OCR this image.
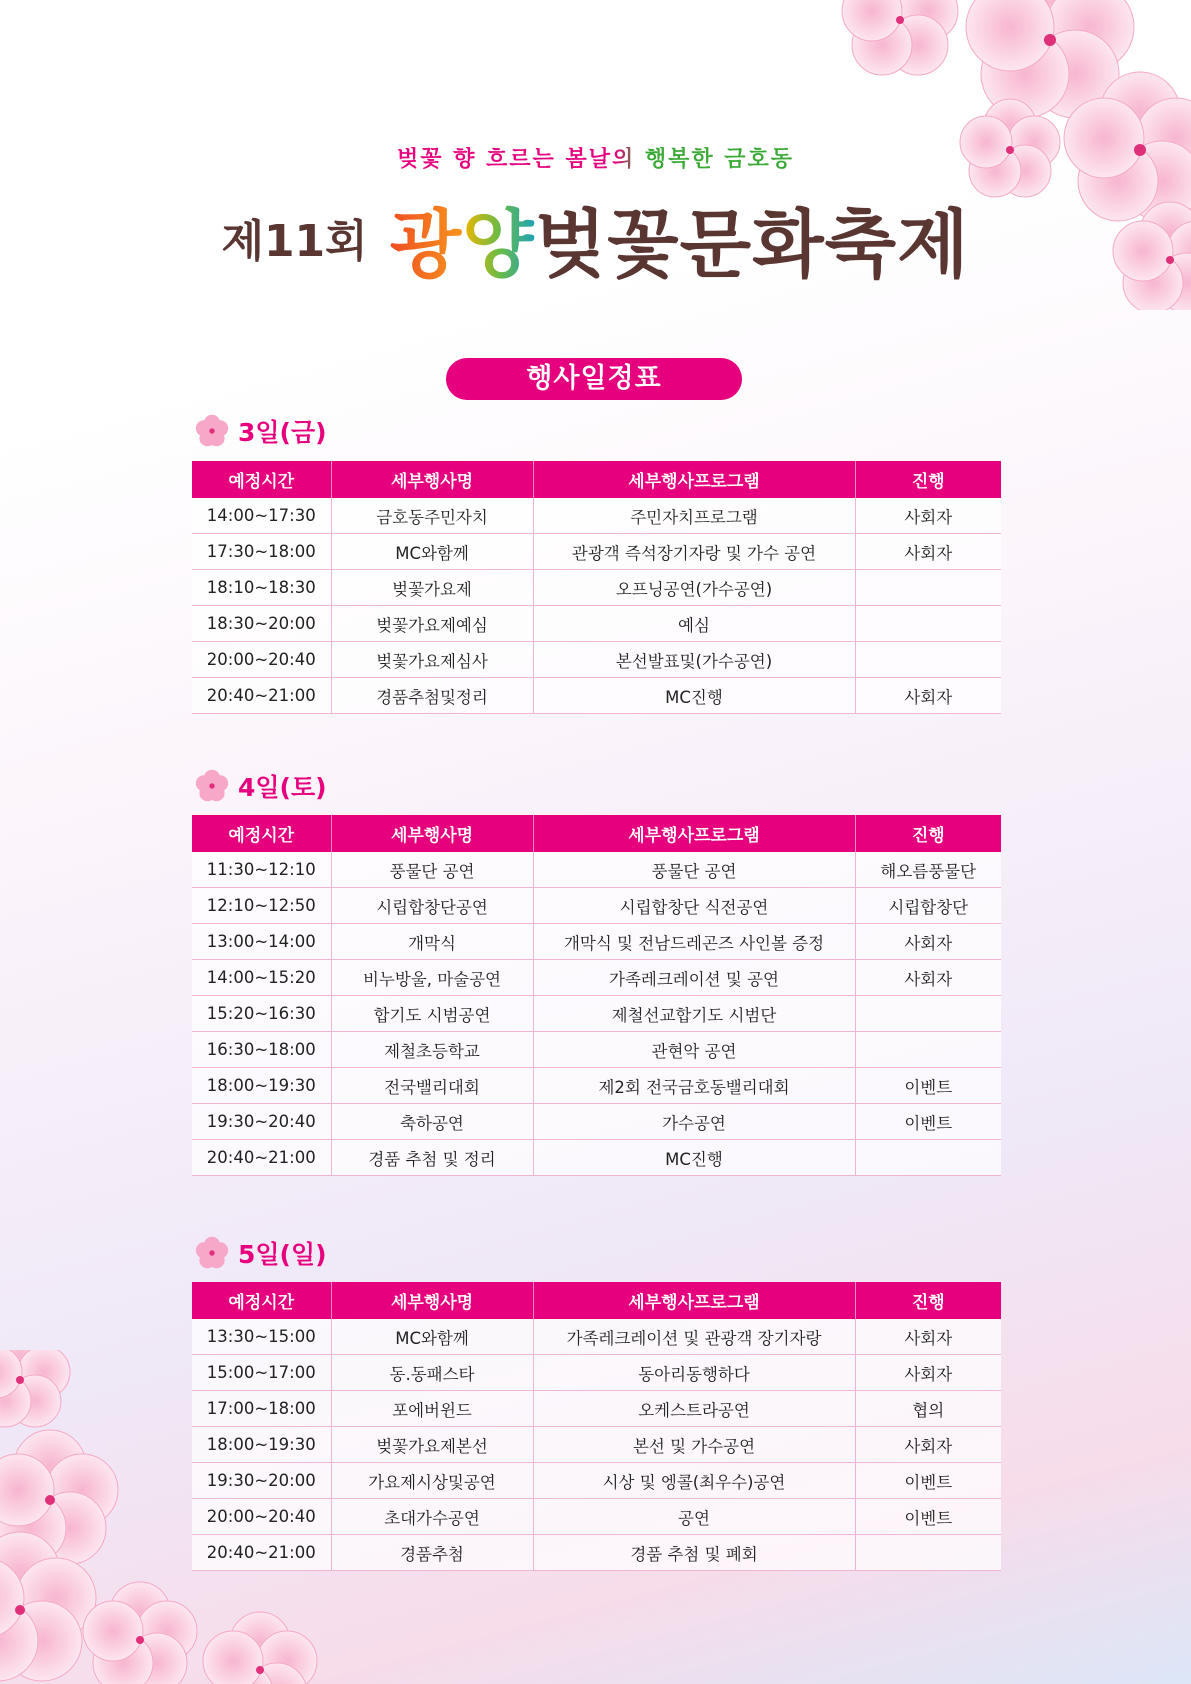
벚꽃 향 흐르는 봄날의 행복한 금호동
제11회 광양벚꽃문화축제
행사일정표
3일(금)
예정시간	세부행사명	세부행사프로그램	진행
14:00~17:30	금호동주민자치	주민자치프로그램	사회자
17:30~18:00	MC와함께	관광객 즉석장기자랑 및 가수 공연	사회자
18:10~18:30	벚꽃가요제	오프닝공연(가수공연)	
18:30~20:00	벚꽃가요제예심	예심	
20:00~20:40	벚꽃가요제심사	본선발표및(가수공연)	
20:40~21:00	경품추첨및정리	MC진행	사회자
4일(토)
예정시간	세부행사명	세부행사프로그램	진행
11:30~12:10	풍물단 공연	풍물단 공연	해오름풍물단
12:10~12:50	시립합창단공연	시립합창단 식전공연	시립합창단
13:00~14:00	개막식	개막식 및 전남드레곤즈 사인볼 증정	사회자
14:00~15:20	비누방울, 마술공연	가족레크레이션 및 공연	사회자
15:20~16:30	합기도 시범공연	제철선교합기도 시범단	
16:30~18:00	제철초등학교	관현악 공연	
18:00~19:30	전국밸리대회	제2회 전국금호동밸리대회	이벤트
19:30~20:40	축하공연	가수공연	이벤트
20:40~21:00	경품 추첨 및 정리	MC진행	
5일(일)
예정시간	세부행사명	세부행사프로그램	진행
13:30~15:00	MC와함께	가족레크레이션 및 관광객 장기자랑	사회자
15:00~17:00	동.동패스타	동아리동행하다	사회자
17:00~18:00	포에버윈드	오케스트라공연	협의
18:00~19:30	벚꽃가요제본선	본선 및 가수공연	사회자
19:30~20:00	가요제시상및공연	시상 및 엥콜(최우수)공연	이벤트
20:00~20:40	초대가수공연	공연	이벤트
20:40~21:00	경품추첨	경품 추첨 및 폐회	
